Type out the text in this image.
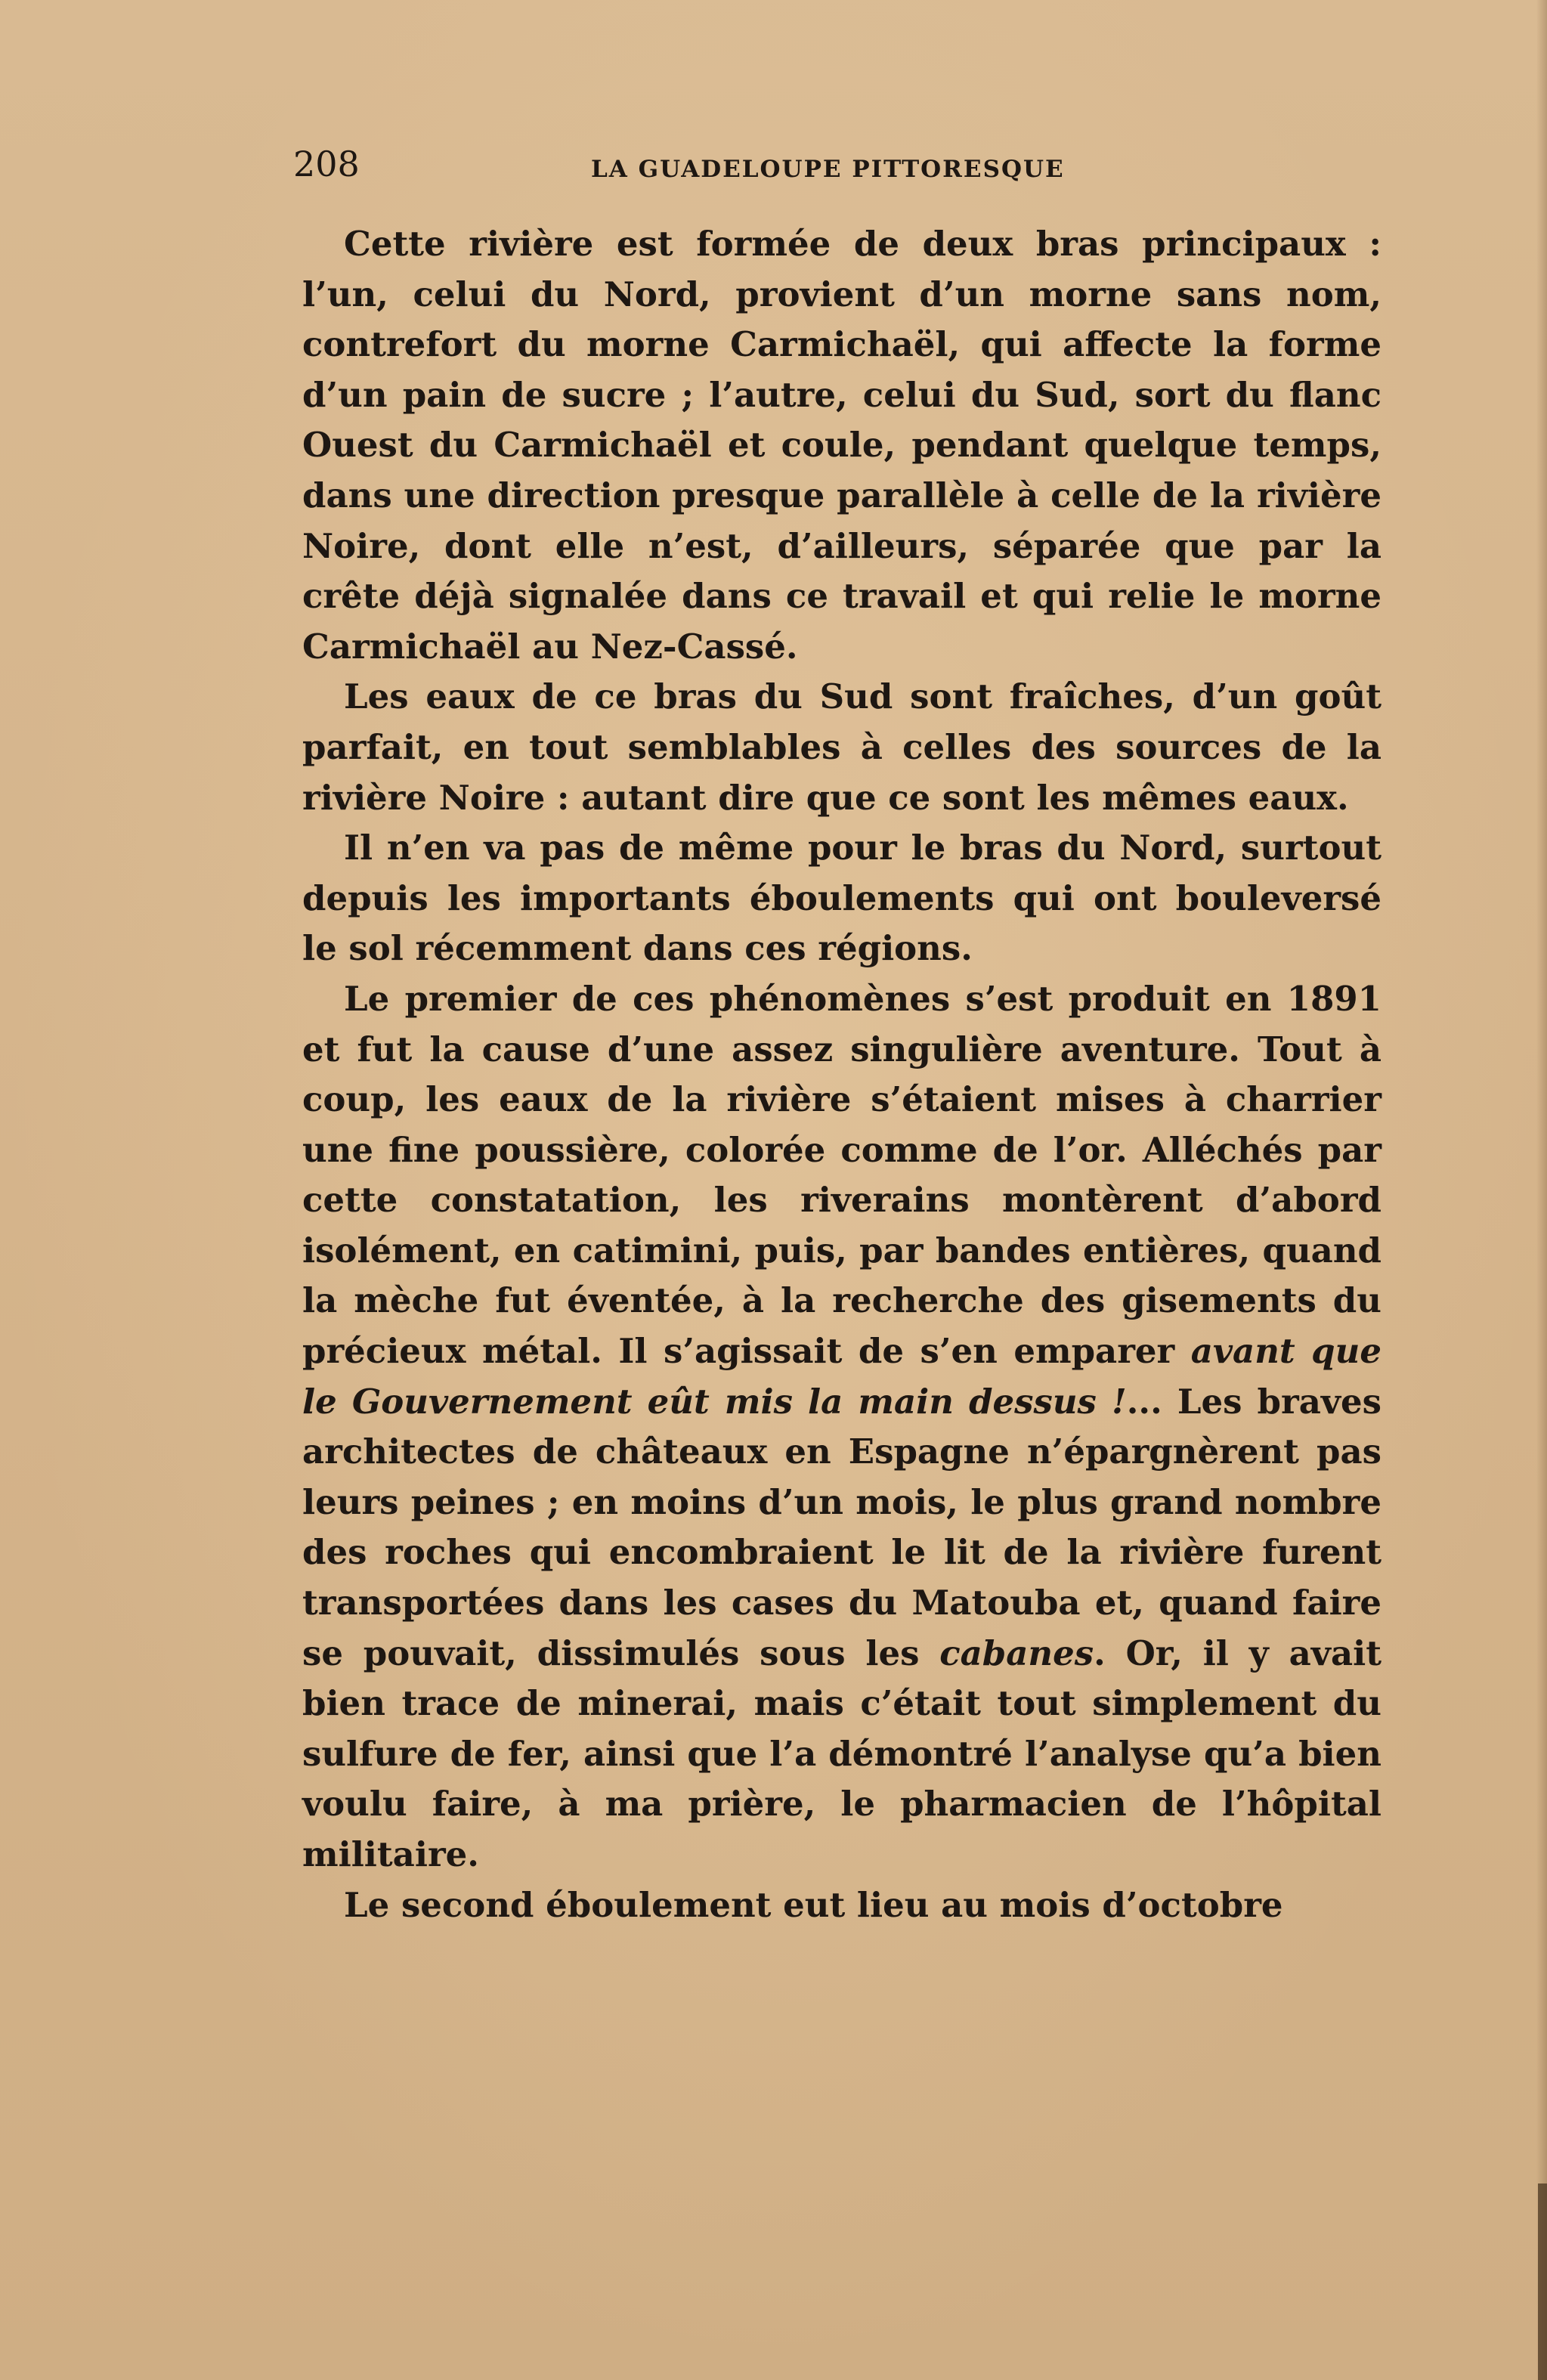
208	LA GUADELOUPE PITTORESQUE

Cette rivière est formée de deux bras principaux : l’un, celui du Nord, provient d’un morne sans nom, contrefort du morne Carmichaël, qui affecte la forme d’un pain de sucre ; l’autre, celui du Sud, sort du flanc Ouest du Carmichaël et coule, pendant quelque temps, dans une direction presque parallèle à celle de la rivière Noire, dont elle n’est, d’ailleurs, séparée que par la crête déjà signalée dans ce travail et qui relie le morne Carmichaël au Nez-Cassé.

Les eaux de ce bras du Sud sont fraîches, d’un goût parfait, en tout semblables à celles des sources de la rivière Noire : autant dire que ce sont les mêmes eaux.

Il n’en va pas de même pour le bras du Nord, surtout depuis les importants éboulements qui ont bouleversé le sol récemment dans ces régions.

Le premier de ces phénomènes s’est produit en 1891 et fut la cause d’une assez singulière aventure. Tout à coup, les eaux de la rivière s’étaient mises à charrier une fine poussière, colorée comme de l’or. Alléchés par cette constatation, les riverains montèrent d’abord isolément, en catimini, puis, par bandes entières, quand la mèche fut éventée, à la recherche des gisements du précieux métal. Il s’agissait de s’en emparer avant que le Gouvernement eût mis la main dessus !... Les braves architectes de châteaux en Espagne n’épargnèrent pas leurs peines ; en moins d’un mois, le plus grand nombre des roches qui encombraient le lit de la rivière furent transportées dans les cases du Matouba et, quand faire se pouvait, dissimulés sous les cabanes. Or, il y avait bien trace de minerai, mais c’était tout simplement du sulfure de fer, ainsi que l’a démontré l’analyse qu’a bien voulu faire, à ma prière, le pharmacien de l’hôpital militaire.

Le second éboulement eut lieu au mois d’octobre
